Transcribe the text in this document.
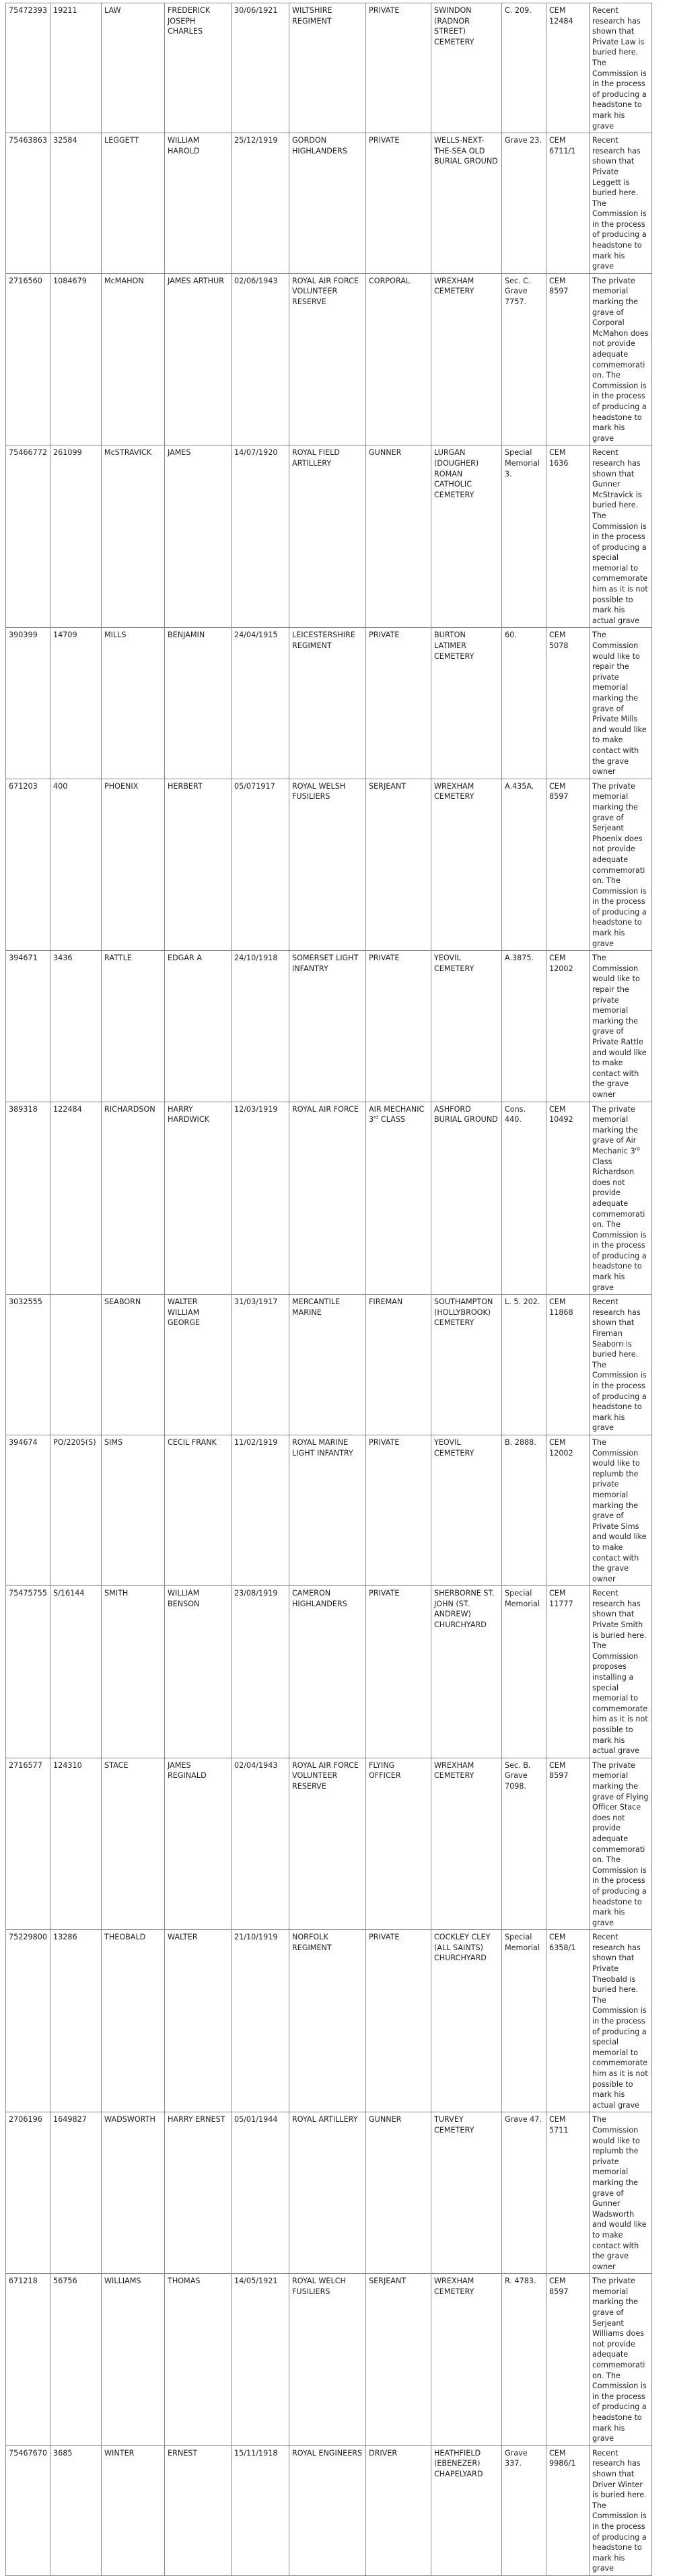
75472393	19211	LAW	FREDERICK JOSEPH CHARLES	30/06/1921	WILTSHIRE REGIMENT	PRIVATE	SWINDON (RADNOR STREET) CEMETERY	C. 209.	CEM 12484	Recent research has shown that Private Law is buried here. The Commission is in the process of producing a headstone to mark his grave
75463863	32584	LEGGETT	WILLIAM HAROLD	25/12/1919	GORDON HIGHLANDERS	PRIVATE	WELLS-NEXT-THE-SEA OLD BURIAL GROUND	Grave 23.	CEM 6711/1	Recent research has shown that Private Leggett is buried here. The Commission is in the process of producing a headstone to mark his grave
2716560	1084679	McMAHON	JAMES ARTHUR	02/06/1943	ROYAL AIR FORCE VOLUNTEER RESERVE	CORPORAL	WREXHAM CEMETERY	Sec. C. Grave 7757.	CEM 8597	The private memorial marking the grave of Corporal McMahon does not provide adequate commemoration. The Commission is in the process of producing a headstone to mark his grave
75466772	261099	McSTRAVICK	JAMES	14/07/1920	ROYAL FIELD ARTILLERY	GUNNER	LURGAN (DOUGHER) ROMAN CATHOLIC CEMETERY	Special Memorial 3.	CEM 1636	Recent research has shown that Gunner McStravick is buried here. The Commission is in the process of producing a special memorial to commemorate him as it is not possible to mark his actual grave
390399	14709	MILLS	BENJAMIN	24/04/1915	LEICESTERSHIRE REGIMENT	PRIVATE	BURTON LATIMER CEMETERY	60.	CEM 5078	The Commission would like to repair the private memorial marking the grave of Private Mills and would like to make contact with the grave owner
671203	400	PHOENIX	HERBERT	05/071917	ROYAL WELSH FUSILIERS	SERJEANT	WREXHAM CEMETERY	A.435A.	CEM 8597	The private memorial marking the grave of Serjeant Phoenix does not provide adequate commemoration. The Commission is in the process of producing a headstone to mark his grave
394671	3436	RATTLE	EDGAR A	24/10/1918	SOMERSET LIGHT INFANTRY	PRIVATE	YEOVIL CEMETERY	A.3875.	CEM 12002	The Commission would like to repair the private memorial marking the grave of Private Rattle and would like to make contact with the grave owner
389318	122484	RICHARDSON	HARRY HARDWICK	12/03/1919	ROYAL AIR FORCE	AIR MECHANIC 3rd CLASS	ASHFORD BURIAL GROUND	Cons. 440.	CEM 10492	The private memorial marking the grave of Air Mechanic 3rd Class Richardson does not provide adequate commemoration. The Commission is in the process of producing a headstone to mark his grave
3032555		SEABORN	WALTER WILLIAM GEORGE	31/03/1917	MERCANTILE MARINE	FIREMAN	SOUTHAMPTON (HOLLYBROOK) CEMETERY	L. 5. 202.	CEM 11868	Recent research has shown that Fireman Seaborn is buried here. The Commission is in the process of producing a headstone to mark his grave
394674	PO/2205(S)	SIMS	CECIL FRANK	11/02/1919	ROYAL MARINE LIGHT INFANTRY	PRIVATE	YEOVIL CEMETERY	B. 2888.	CEM 12002	The Commission would like to replumb the private memorial marking the grave of Private Sims and would like to make contact with the grave owner
75475755	S/16144	SMITH	WILLIAM BENSON	23/08/1919	CAMERON HIGHLANDERS	PRIVATE	SHERBORNE ST. JOHN (ST. ANDREW) CHURCHYARD	Special Memorial	CEM 11777	Recent research has shown that Private Smith is buried here. The Commission proposes installing a special memorial to commemorate him as it is not possible to mark his actual grave
2716577	124310	STACE	JAMES REGINALD	02/04/1943	ROYAL AIR FORCE VOLUNTEER RESERVE	FLYING OFFICER	WREXHAM CEMETERY	Sec. B. Grave 7098.	CEM 8597	The private memorial marking the grave of Flying Officer Stace does not provide adequate commemoration. The Commission is in the process of producing a headstone to mark his grave
75229800	13286	THEOBALD	WALTER	21/10/1919	NORFOLK REGIMENT	PRIVATE	COCKLEY CLEY (ALL SAINTS) CHURCHYARD	Special Memorial	CEM 6358/1	Recent research has shown that Private Theobald is buried here. The Commission is in the process of producing a special memorial to commemorate him as it is not possible to mark his actual grave
2706196	1649827	WADSWORTH	HARRY ERNEST	05/01/1944	ROYAL ARTILLERY	GUNNER	TURVEY CEMETERY	Grave 47.	CEM 5711	The Commission would like to replumb the private memorial marking the grave of Gunner Wadsworth and would like to make contact with the grave owner
671218	56756	WILLIAMS	THOMAS	14/05/1921	ROYAL WELCH FUSILIERS	SERJEANT	WREXHAM CEMETERY	R. 4783.	CEM 8597	The private memorial marking the grave of Serjeant Williams does not provide adequate commemoration. The Commission is in the process of producing a headstone to mark his grave
75467670	3685	WINTER	ERNEST	15/11/1918	ROYAL ENGINEERS	DRIVER	HEATHFIELD (EBENEZER) CHAPELYARD	Grave 337.	CEM 9986/1	Recent research has shown that Driver Winter is buried here. The Commission is in the process of producing a headstone to mark his grave
